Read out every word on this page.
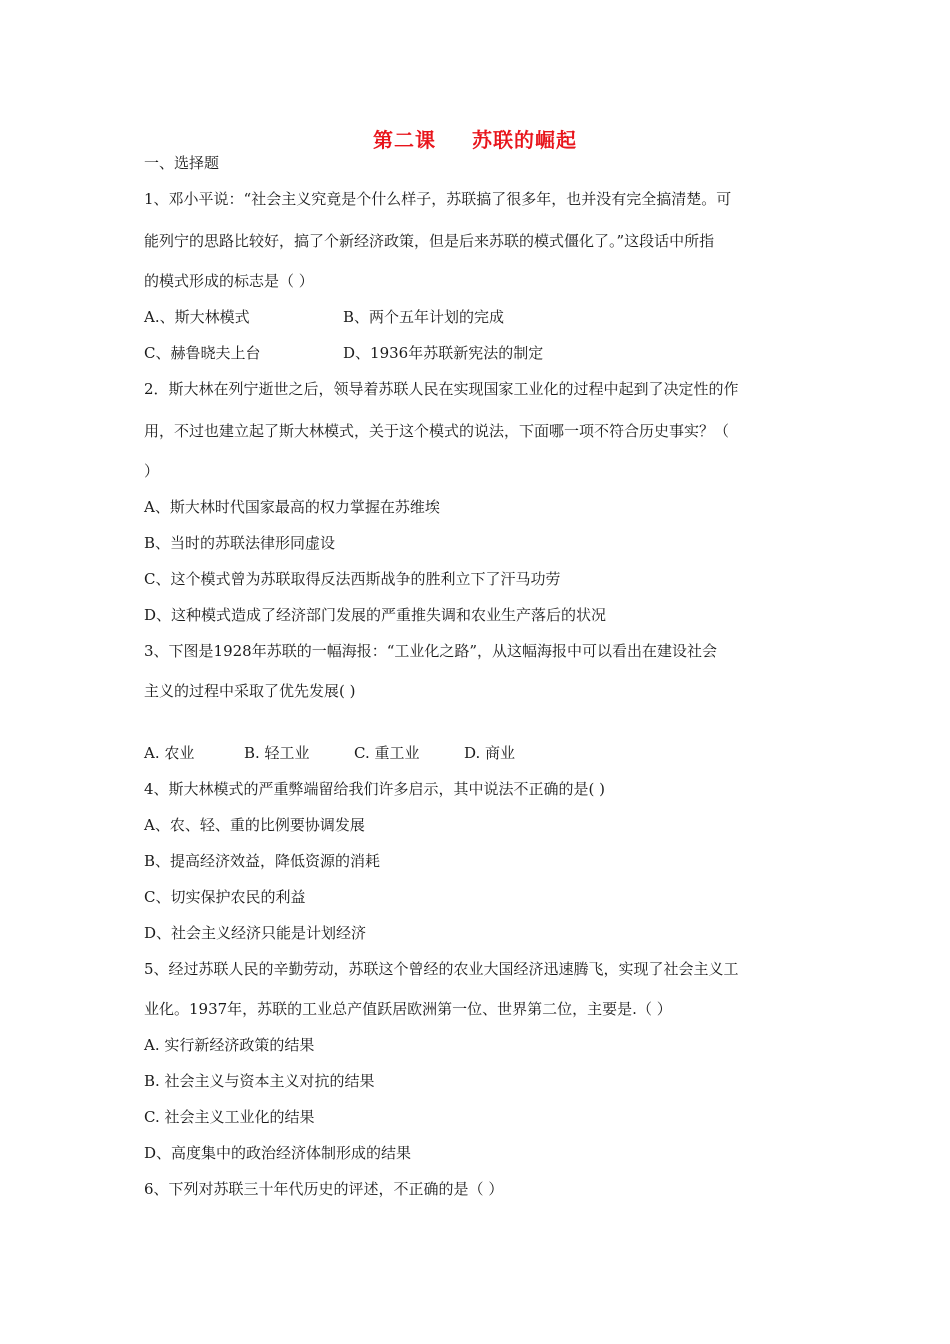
第二课 苏联的崛起
一、选择题
1、邓小平说：“社会主义究竟是个什么样子，苏联搞了很多年，也并没有完全搞清楚。可
能列宁的思路比较好，搞了个新经济政策，但是后来苏联的模式僵化了。”这段话中所指
的模式形成的标志是（ ）
A.、斯大林模式	B、两个五年计划的完成
C、赫鲁晓夫上台	D、1936年苏联新宪法的制定
2．斯大林在列宁逝世之后，领导着苏联人民在实现国家工业化的过程中起到了决定性的作
用，不过也建立起了斯大林模式，关于这个模式的说法，下面哪一项不符合历史事实？（
）
A、斯大林时代国家最高的权力掌握在苏维埃
B、当时的苏联法律形同虚设
C、这个模式曾为苏联取得反法西斯战争的胜利立下了汗马功劳
D、这种模式造成了经济部门发展的严重推失调和农业生产落后的状况
3、下图是1928年苏联的一幅海报：“工业化之路”，从这幅海报中可以看出在建设社会
主义的过程中采取了优先发展( )
A. 农业	B. 轻工业	C. 重工业	D. 商业
4、斯大林模式的严重弊端留给我们许多启示，其中说法不正确的是( )
A、农、轻、重的比例要协调发展
B、提高经济效益，降低资源的消耗
C、切实保护农民的利益
D、社会主义经济只能是计划经济
5、经过苏联人民的辛勤劳动，苏联这个曾经的农业大国经济迅速腾飞，实现了社会主义工
业化。1937年，苏联的工业总产值跃居欧洲第一位、世界第二位，主要是.（ ）
A. 实行新经济政策的结果
B. 社会主义与资本主义对抗的结果
C. 社会主义工业化的结果
D、高度集中的政治经济体制形成的结果
6、下列对苏联三十年代历史的评述，不正确的是（ ）
